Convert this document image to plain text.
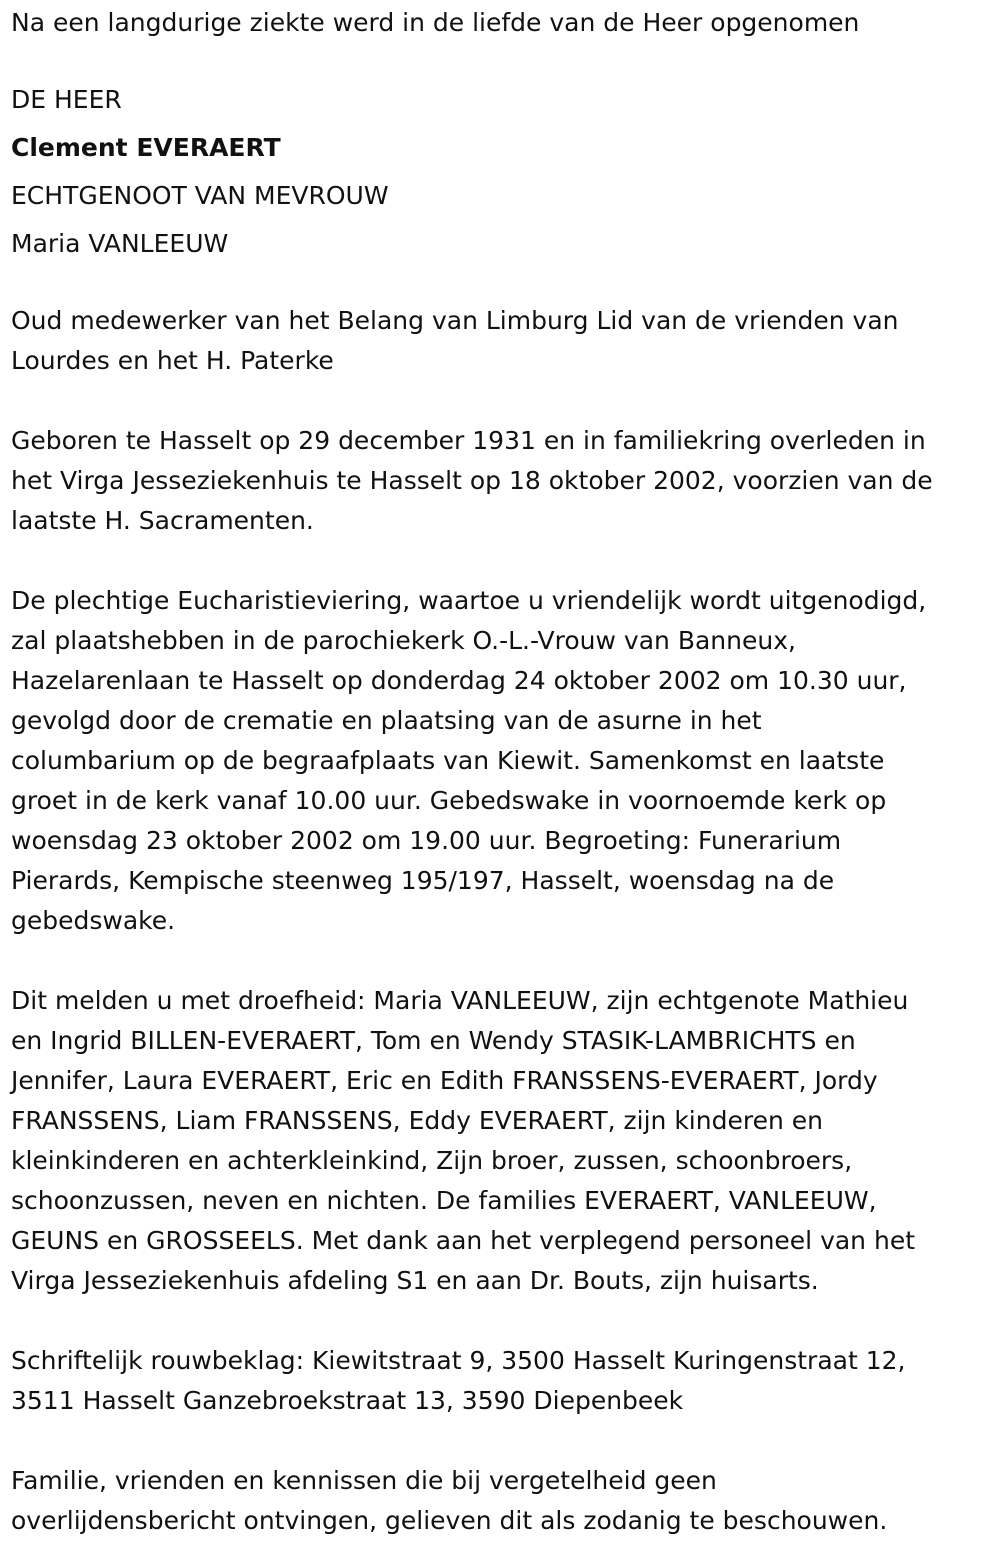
Na een langdurige ziekte werd in de liefde van de Heer opgenomen

DE HEER
Clement EVERAERT
ECHTGENOOT VAN MEVROUW
Maria VANLEEUW
Oud medewerker van het Belang van Limburg Lid van de vrienden van
Lourdes en het H. Paterke
Geboren te Hasselt op 29 december 1931 en in familiekring overleden in
het Virga Jesseziekenhuis te Hasselt op 18 oktober 2002, voorzien van de
laatste H. Sacramenten.
De plechtige Eucharistieviering, waartoe u vriendelijk wordt uitgenodigd,
zal plaatshebben in de parochiekerk O.-L.-Vrouw van Banneux,
Hazelarenlaan te Hasselt op donderdag 24 oktober 2002 om 10.30 uur,
gevolgd door de crematie en plaatsing van de asurne in het
columbarium op de begraafplaats van Kiewit. Samenkomst en laatste
groet in de kerk vanaf 10.00 uur. Gebedswake in voornoemde kerk op
woensdag 23 oktober 2002 om 19.00 uur. Begroeting: Funerarium
Pierards, Kempische steenweg 195/197, Hasselt, woensdag na de
gebedswake.
Dit melden u met droefheid: Maria VANLEEUW, zijn echtgenote Mathieu
en Ingrid BILLEN-EVERAERT, Tom en Wendy STASIK-LAMBRICHTS en
Jennifer, Laura EVERAERT, Eric en Edith FRANSSENS-EVERAERT, Jordy
FRANSSENS, Liam FRANSSENS, Eddy EVERAERT, zijn kinderen en
kleinkinderen en achterkleinkind, Zijn broer, zussen, schoonbroers,
schoonzussen, neven en nichten. De families EVERAERT, VANLEEUW,
GEUNS en GROSSEELS. Met dank aan het verplegend personeel van het
Virga Jesseziekenhuis afdeling S1 en aan Dr. Bouts, zijn huisarts.
Schriftelijk rouwbeklag: Kiewitstraat 9, 3500 Hasselt Kuringenstraat 12,
3511 Hasselt Ganzebroekstraat 13, 3590 Diepenbeek
Familie, vrienden en kennissen die bij vergetelheid geen
overlijdensbericht ontvingen, gelieven dit als zodanig te beschouwen.
